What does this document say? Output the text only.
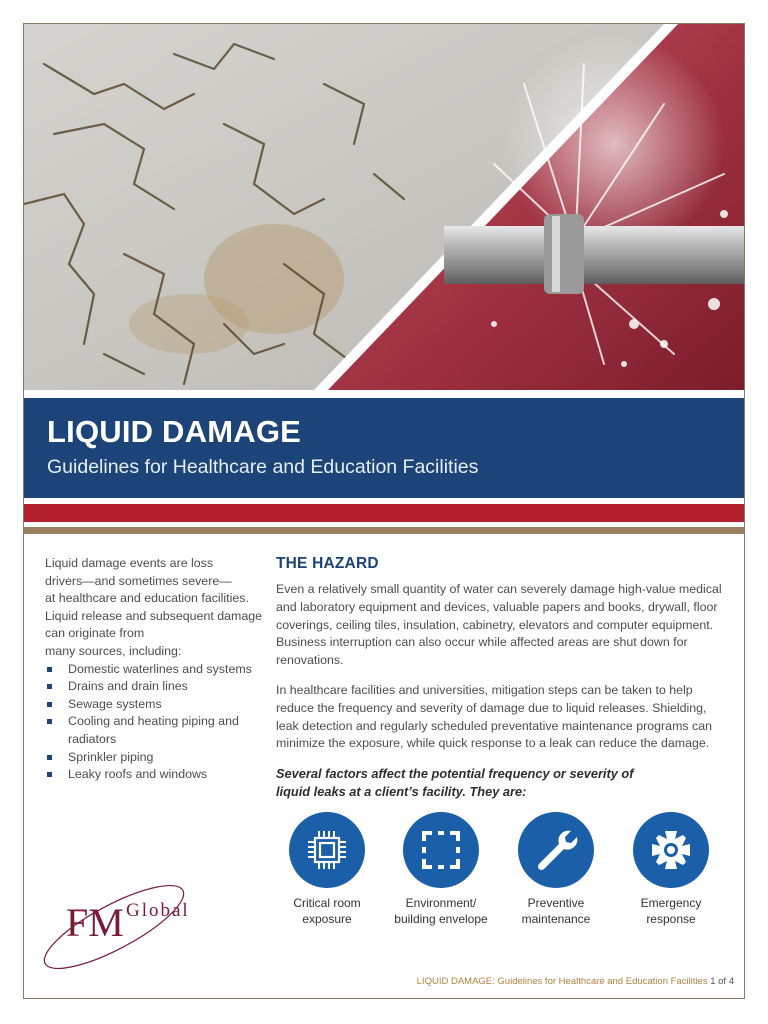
LIQUID DAMAGE
Guidelines for Healthcare and Education Facilities
Liquid damage events are loss
drivers—and sometimes severe—
at healthcare and education facilities.
Liquid release and subsequent damage
can originate from
many sources, including:
Domestic waterlines and systems
Drains and drain lines
Sewage systems
Cooling and heating piping and radiators
Sprinkler piping
Leaky roofs and windows
THE HAZARD

Even a relatively small quantity of water can severely damage high-value medical and laboratory equipment and devices, valuable papers and books, drywall, floor coverings, ceiling tiles, insulation, cabinetry, elevators and computer equipment. Business interruption can also occur while affected areas are shut down for renovations.

In healthcare facilities and universities, mitigation steps can be taken to help reduce the frequency and severity of damage due to liquid releases. Shielding, leak detection and regularly scheduled preventative maintenance programs can minimize the exposure, while quick response to a leak can reduce the damage.

Several factors affect the potential frequency or severity of liquid leaks at a client’s facility. They are:

Critical room
exposure
Environment/
building envelope
Preventive
maintenance
Emergency
response
FM Global
LIQUID DAMAGE: Guidelines for Healthcare and Education Facilities 1 of 4
